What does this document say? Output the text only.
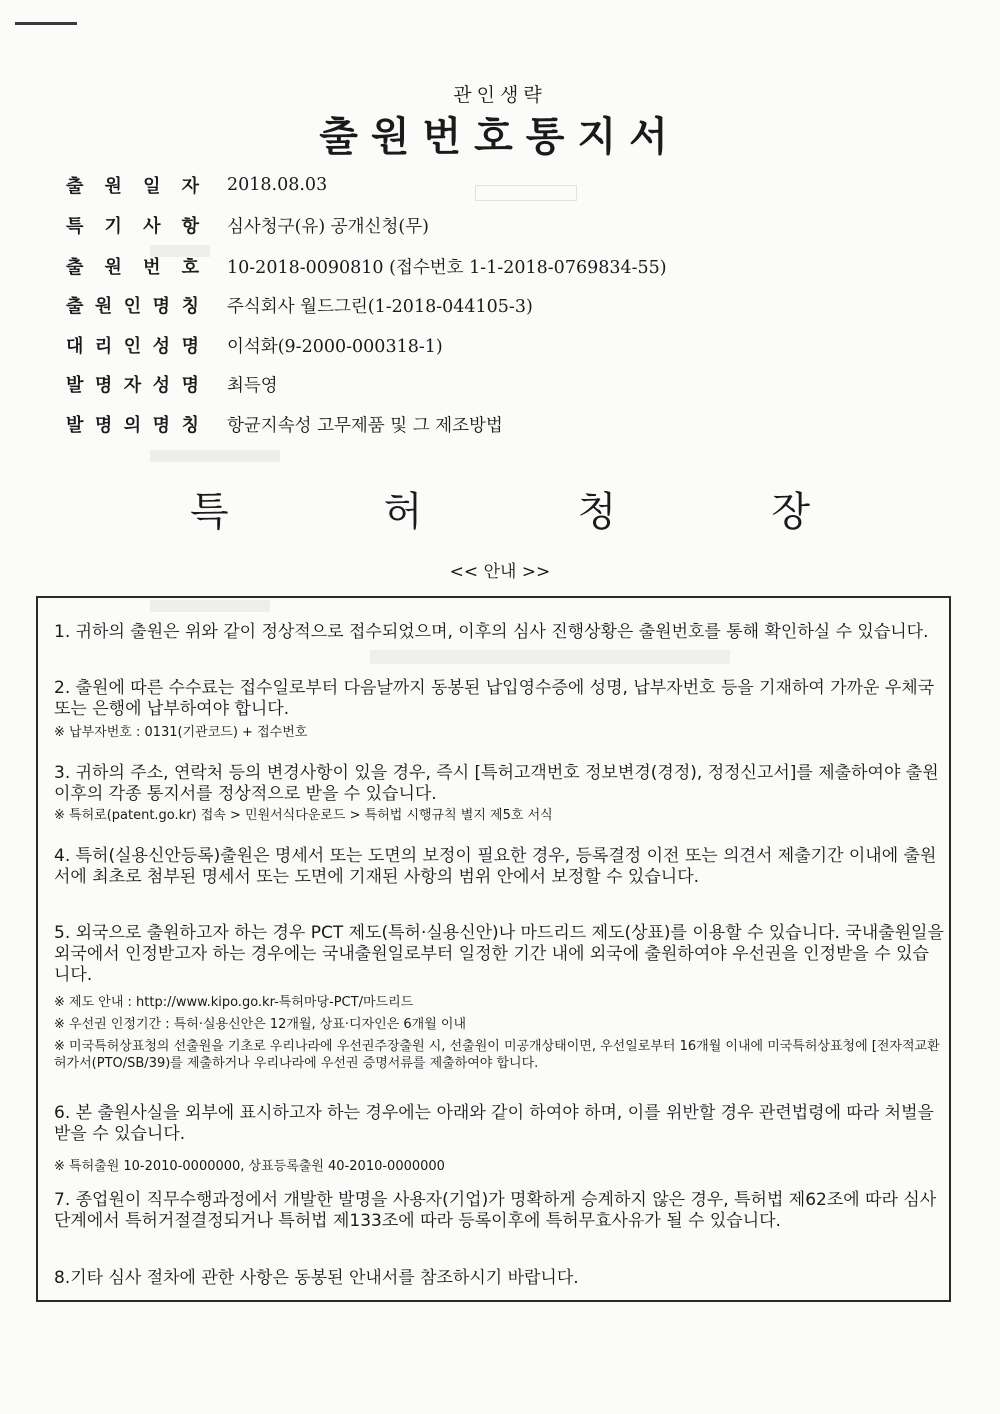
관인생략
출원번호통지서
출 원 일 자 2018.08.03
특 기 사 항 심사청구(유) 공개신청(무)
출 원 번 호 10-2018-0090810 (접수번호 1-1-2018-0769834-55)
출 원 인 명 칭 주식회사 월드그린(1-2018-044105-3)
대 리 인 성 명 이석화(9-2000-000318-1)
발 명 자 성 명 최득영
발 명 의 명 칭 항균지속성 고무제품 및 그 제조방법
특	허	청	장
<< 안내 >>
1. 귀하의 출원은 위와 같이 정상적으로 접수되었으며, 이후의 심사 진행상황은 출원번호를 통해 확인하실 수 있습니다.
2. 출원에 따른 수수료는 접수일로부터 다음날까지 동봉된 납입영수증에 성명, 납부자번호 등을 기재하여 가까운 우체국 또는 은행에 납부하여야 합니다.
※ 납부자번호 : 0131(기관코드) + 접수번호
3. 귀하의 주소, 연락처 등의 변경사항이 있을 경우, 즉시 [특허고객번호 정보변경(경정), 정정신고서]를 제출하여야 출원 이후의 각종 통지서를 정상적으로 받을 수 있습니다.
※ 특허로(patent.go.kr) 접속 > 민원서식다운로드 > 특허법 시행규칙 별지 제5호 서식
4. 특허(실용신안등록)출원은 명세서 또는 도면의 보정이 필요한 경우, 등록결정 이전 또는 의견서 제출기간 이내에 출원서에 최초로 첨부된 명세서 또는 도면에 기재된 사항의 범위 안에서 보정할 수 있습니다.
5. 외국으로 출원하고자 하는 경우 PCT 제도(특허·실용신안)나 마드리드 제도(상표)를 이용할 수 있습니다. 국내출원일을 외국에서 인정받고자 하는 경우에는 국내출원일로부터 일정한 기간 내에 외국에 출원하여야 우선권을 인정받을 수 있습니다.
※ 제도 안내 : http://www.kipo.go.kr-특허마당-PCT/마드리드
※ 우선권 인정기간 : 특허·실용신안은 12개월, 상표·디자인은 6개월 이내
※ 미국특허상표청의 선출원을 기초로 우리나라에 우선권주장출원 시, 선출원이 미공개상태이면, 우선일로부터 16개월 이내에 미국특허상표청에 [전자적교환허가서(PTO/SB/39)를 제출하거나 우리나라에 우선권 증명서류를 제출하여야 합니다.
6. 본 출원사실을 외부에 표시하고자 하는 경우에는 아래와 같이 하여야 하며, 이를 위반할 경우 관련법령에 따라 처벌을 받을 수 있습니다.
※ 특허출원 10-2010-0000000, 상표등록출원 40-2010-0000000
7. 종업원이 직무수행과정에서 개발한 발명을 사용자(기업)가 명확하게 승계하지 않은 경우, 특허법 제62조에 따라 심사단계에서 특허거절결정되거나 특허법 제133조에 따라 등록이후에 특허무효사유가 될 수 있습니다.
8.기타 심사 절차에 관한 사항은 동봉된 안내서를 참조하시기 바랍니다.
